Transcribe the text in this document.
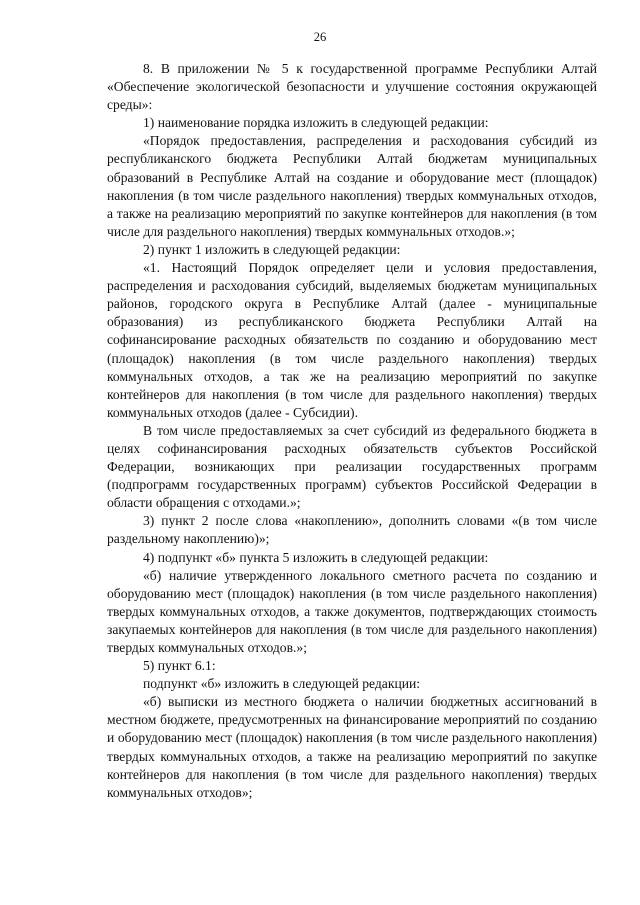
26

8. В приложении № 5 к государственной программе Республики Алтай «Обеспечение экологической безопасности и улучшение состояния окружающей среды»:

1) наименование порядка изложить в следующей редакции:

«Порядок предоставления, распределения и расходования субсидий из республиканского бюджета Республики Алтай бюджетам муниципальных образований в Республике Алтай на создание и оборудование мест (площадок) накопления (в том числе раздельного накопления) твердых коммунальных отходов, а также на реализацию мероприятий по закупке контейнеров для накопления (в том числе для раздельного накопления) твердых коммунальных отходов.»;

2) пункт 1 изложить в следующей редакции:

«1. Настоящий Порядок определяет цели и условия предоставления, распределения и расходования субсидий, выделяемых бюджетам муниципальных районов, городского округа в Республике Алтай (далее - муниципальные образования) из республиканского бюджета Республики Алтай на софинансирование расходных обязательств по созданию и оборудованию мест (площадок) накопления (в том числе раздельного накопления) твердых коммунальных отходов, а так же на реализацию мероприятий по закупке контейнеров для накопления (в том числе для раздельного накопления) твердых коммунальных отходов (далее - Субсидии).

В том числе предоставляемых за счет субсидий из федерального бюджета в целях софинансирования расходных обязательств субъектов Российской Федерации, возникающих при реализации государственных программ (подпрограмм государственных программ) субъектов Российской Федерации в области обращения с отходами.»;

3) пункт 2 после слова «накоплению», дополнить словами «(в том числе раздельному накоплению)»;

4) подпункт «б» пункта 5 изложить в следующей редакции:

«б) наличие утвержденного локального сметного расчета по созданию и оборудованию мест (площадок) накопления (в том числе раздельного накопления) твердых коммунальных отходов, а также документов, подтверждающих стоимость закупаемых контейнеров для накопления (в том числе для раздельного накопления) твердых коммунальных отходов.»;

5) пункт 6.1:

подпункт «б» изложить в следующей редакции:

«б) выписки из местного бюджета о наличии бюджетных ассигнований в местном бюджете, предусмотренных на финансирование мероприятий по созданию и оборудованию мест (площадок) накопления (в том числе раздельного накопления) твердых коммунальных отходов, а также на реализацию мероприятий по закупке контейнеров для накопления (в том числе для раздельного накопления) твердых коммунальных отходов»;
